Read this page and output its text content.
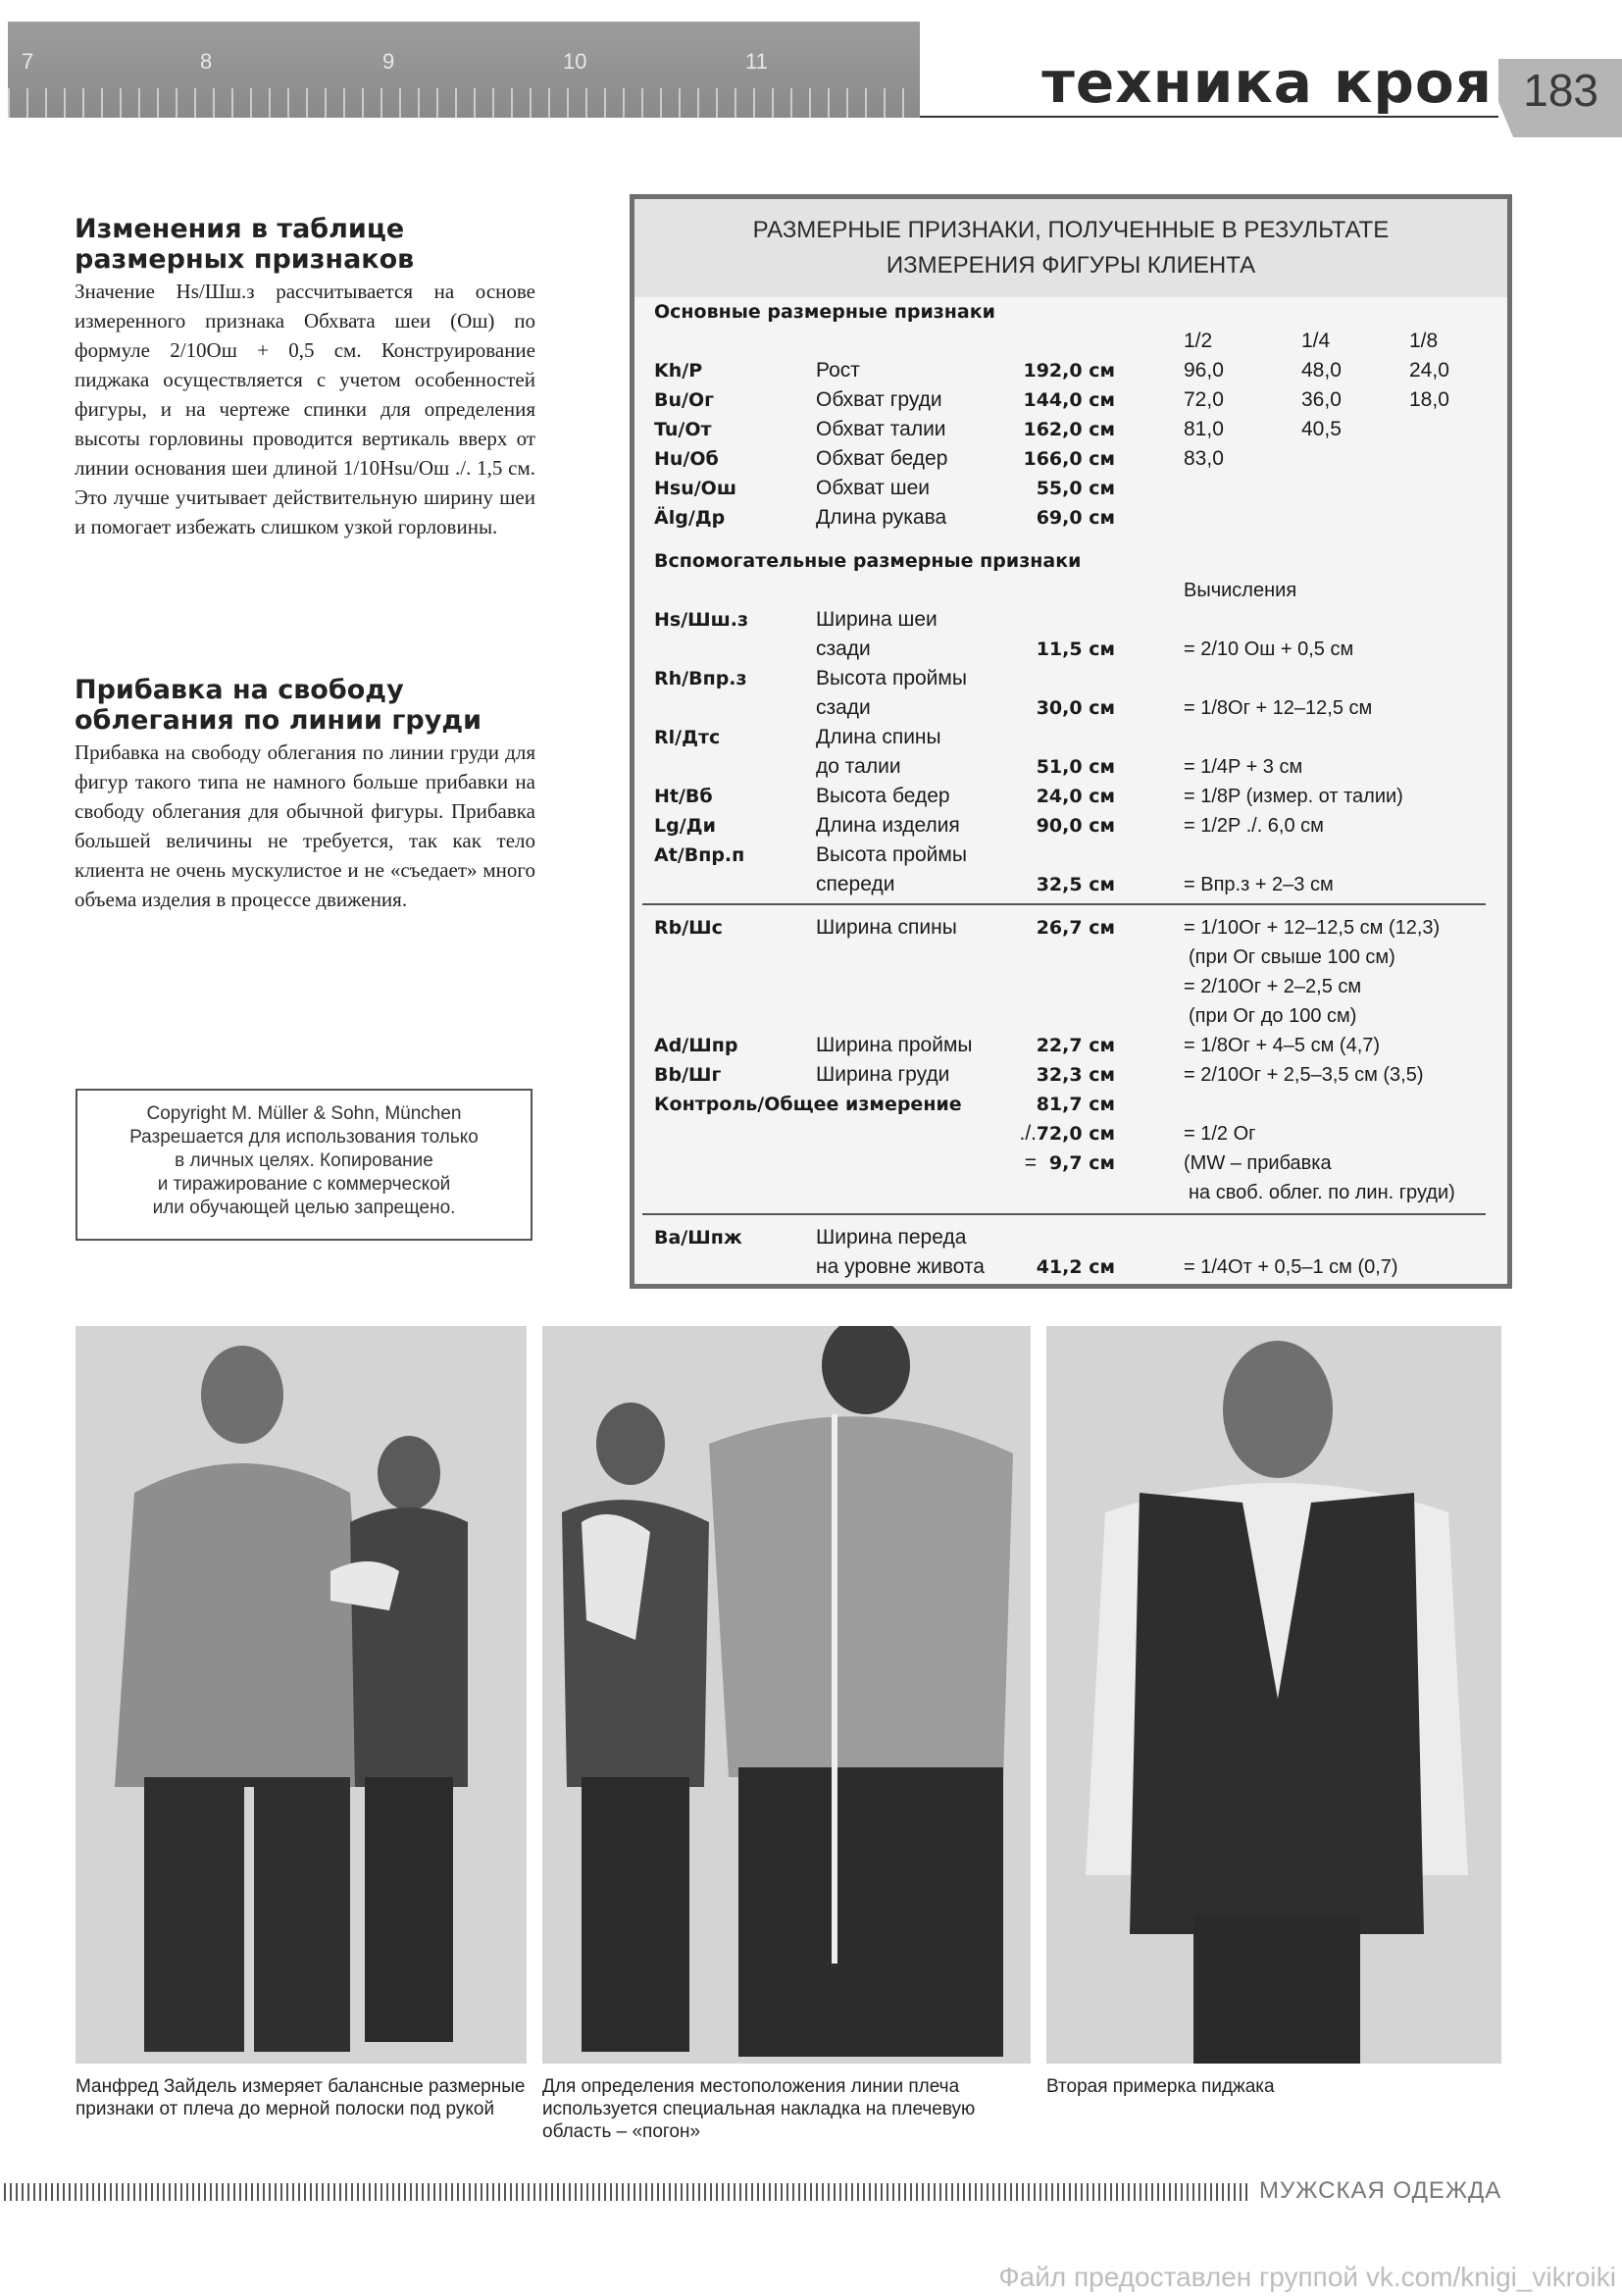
7	8	9	10	11	техника кроя 183
Изменения в таблице размерных признаков

Значение Hs/Шш.з рассчитывается на основе измеренного признака Обхвата шеи (Ош) по формуле 2/10Ош + 0,5 см. Конструирование пиджака осуществляется с учетом особенностей фигуры, и на чертеже спинки для определения высоты горловины проводится вертикаль вверх от линии основания шеи длиной 1/10Hsu/Ош ./. 1,5 см. Это лучше учитывает действительную ширину шеи и помогает избежать слишком узкой горловины.

Прибавка на свободу облегания по линии груди

Прибавка на свободу облегания по линии груди для фигур такого типа не намного больше прибавки на свободу облегания для обычной фигуры. Прибавка большей величины не требуется, так как тело клиента не очень мускулистое и не «съедает» много объема изделия в процессе движения.

Copyright M. Müller & Sohn, München
Разрешается для использования только
в личных целях. Копирование
и тиражирование с коммерческой
или обучающей целью запрещено.
РАЗМЕРНЫЕ ПРИЗНАКИ, ПОЛУЧЕННЫЕ В РЕЗУЛЬТАТЕ
ИЗМЕРЕНИЯ ФИГУРЫ КЛИЕНТА
Основные размерные признаки
1/2	1/4	1/8
Kh/P	Рост	192,0 см	96,0	48,0	24,0
Bu/Ог	Обхват груди	144,0 см	72,0	36,0	18,0
Tu/От	Обхват талии	162,0 см	81,0	40,5
Hu/Об	Обхват бедер	166,0 см	83,0
Hsu/Ош	Обхват шеи	55,0 см
Älg/Др	Длина рукава	69,0 см
Вспомогательные размерные признаки
Вычисления
Hs/Шш.з	Ширина шеи
сзади	11,5 см	= 2/10 Ош + 0,5 см
Rh/Впр.з	Высота проймы
сзади	30,0 см	= 1/8Ог + 12–12,5 см
Rl/Дтс	Длина спины
до талии	51,0 см	= 1/4P + 3 см
Ht/Вб	Высота бедер	24,0 см	= 1/8P (измер. от талии)
Lg/Ди	Длина изделия	90,0 см	= 1/2P ./. 6,0 см
At/Впр.п	Высота проймы
спереди	32,5 см	= Впр.з + 2–3 см
Rb/Шс	Ширина спины	26,7 см	= 1/10Ог + 12–12,5 см (12,3)
(при Ог свыше 100 см)
= 2/10Ог + 2–2,5 см
(при Ог до 100 см)
Ad/Шпр	Ширина проймы	22,7 см	= 1/8Ог + 4–5 см (4,7)
Bb/Шг	Ширина груди	32,3 см	= 2/10Ог + 2,5–3,5 см (3,5)
Контроль/Общее измерение	81,7 см
./. 72,0 см	= 1/2 Ог
= 9,7 см	(MW – прибавка
на своб. облег. по лин. груди)
Ba/Шпж	Ширина переда
на уровне живота	41,2 см	= 1/4От + 0,5–1 см (0,7)
Манфред Зайдель измеряет балансные размерные признаки от плеча до мерной полоски под рукой
Для определения местоположения линии плеча используется специальная накладка на плечевую область – «погон»
Вторая примерка пиджака
МУЖСКАЯ ОДЕЖДА
Файл предоставлен группой vk.com/knigi_vikroiki
